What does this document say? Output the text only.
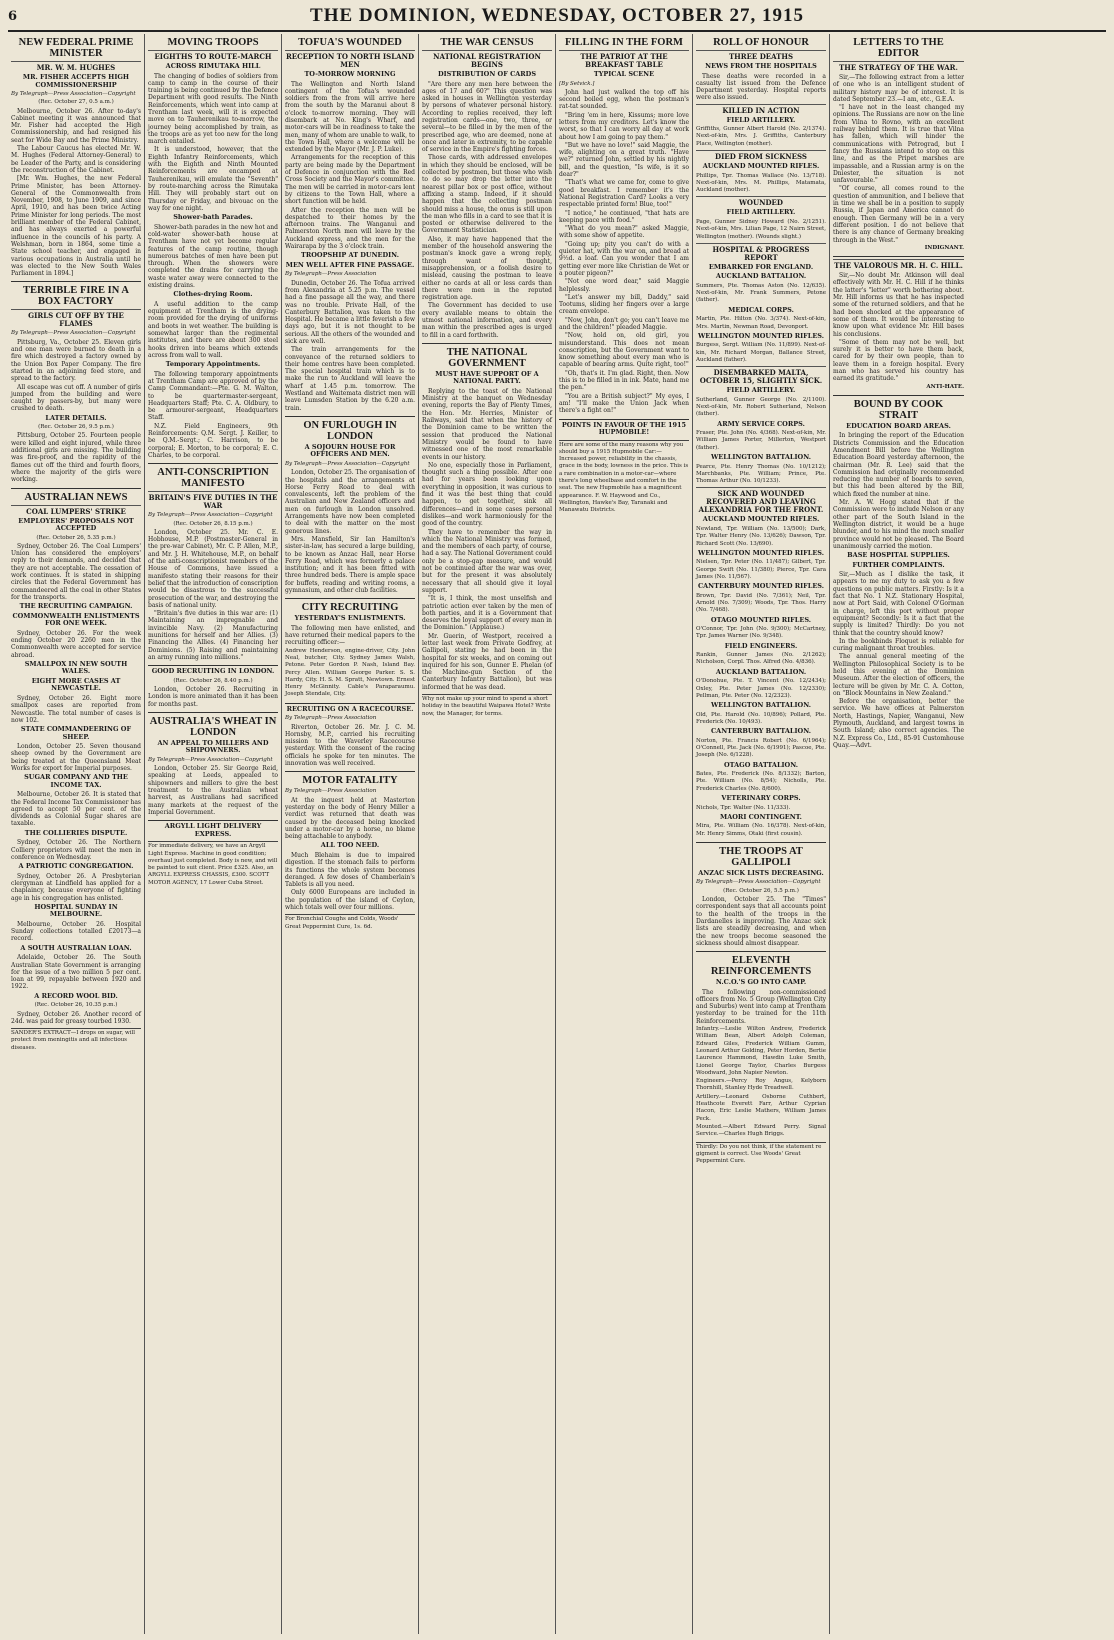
6	THE DOMINION, WEDNESDAY, OCTOBER 27, 1915
NEW FEDERAL PRIME MINISTER
MR. W. M. HUGHES
MR. FISHER ACCEPTS HIGH COMMISSIONERSHIP
By Telegraph—Press Association—Copyright
(Rec. October 27, 0.5 a.m.)

Melbourne, October 26. After to-day's Cabinet meeting it was announced that Mr. Fisher had accepted the High Commissionership, and had resigned his seat for Wide Bay and the Prime Ministry.

The Labour Caucus has elected Mr. W. M. Hughes (Federal Attorney-General) to be Leader of the Party, and is considering the reconstruction of the Cabinet.

[Mr. Wm. Hughes, the new Federal Prime Minister, has been Attorney-General of the Commonwealth from November, 1908, to June 1909, and since April, 1910, and has been twice Acting Prime Minister for long periods. The most brilliant member of the Federal Cabinet, and has always exerted a powerful influence in the councils of his party. A Welshman, born in 1864, some time a State school teacher, and engaged in various occupations in Australia until he was elected to the New South Wales Parliament in 1894.]

TERRIBLE FIRE IN A BOX FACTORY
GIRLS CUT OFF BY THE FLAMES
By Telegraph—Press Association—Copyright

Pittsburg, Va., October 25. Eleven girls and one man were burned to death in a fire which destroyed a factory owned by the Union Box Paper Company. The fire started in an adjoining feed store, and spread to the factory.

All escape was cut off. A number of girls jumped from the building and were caught by passers-by, but many were crushed to death.

LATER DETAILS.
(Rec. October 26, 9.5 p.m.)

Pittsburg, October 25. Fourteen people were killed and eight injured, while three additional girls are missing. The building was fire-proof, and the rapidity of the flames cut off the third and fourth floors, where the majority of the girls were working.

AUSTRALIAN NEWS
COAL LUMPERS' STRIKE
EMPLOYERS' PROPOSALS NOT ACCEPTED
(Rec. October 26, 5.35 p.m.)

Sydney, October 26. The Coal Lumpers' Union has considered the employers' reply to their demands, and decided that they are not acceptable. The cessation of work continues. It is stated in shipping circles that the Federal Government has commandeered all the coal in other States for the transports.

THE RECRUITING CAMPAIGN.
COMMONWEALTH ENLISTMENTS FOR ONE WEEK.

Sydney, October 26. For the week ending October 20 2260 men in the Commonwealth were accepted for service abroad.

SMALLPOX IN NEW SOUTH WALES.
EIGHT MORE CASES AT NEWCASTLE.

Sydney, October 26. Eight more smallpox cases are reported from Newcastle. The total number of cases is now 102.

STATE COMMANDEERING OF SHEEP.

London, October 25. Seven thousand sheep owned by the Government are being treated at the Queensland Meat Works for export for Imperial purposes.

SUGAR COMPANY AND THE INCOME TAX.

Melbourne, October 26. It is stated that the Federal Income Tax Commissioner has agreed to accept 50 per cent. of the dividends as Colonial Sugar shares are taxable.

THE COLLIERIES DISPUTE.

Sydney, October 26. The Northern Colliery proprietors will meet the men in conference on Wednesday.

A PATRIOTIC CONGREGATION.

Sydney, October 26. A Presbyterian clergyman at Lindfield has applied for a chaplaincy, because everyone of fighting age in his congregation has enlisted.

HOSPITAL SUNDAY IN MELBOURNE.

Melbourne, October 26. Hospital Sunday collections totalled £20173—a record.

A SOUTH AUSTRALIAN LOAN.

Adelaide, October 26. The South Australian State Government is arranging for the issue of a two million 5 per cent. loan at 99, repayable between 1920 and 1922.

A RECORD WOOL BID.
(Rec. October 26, 10.35 p.m.)

Sydney, October 26. Another record of 24d. was paid for greasy tourbed 1930.

SANDER'S EXTRACT—I drops on sugar, will protect from meningitis and all infectious diseases.
MOVING TROOPS
EIGHTHS TO ROUTE-MARCH
ACROSS RIMUTAKA HILL

The changing of bodies of soldiers from camp to camp in the course of their training is being continued by the Defence Department with good results. The Ninth Reinforcements, which went into camp at Trentham last week, will it is expected move on to Tauherenikau to-morrow, the journey being accomplished by train, as the troops are as yet too new for the long march entailed.

It is understood, however, that the Eighth Infantry Reinforcements, which with the Eighth and Ninth Mounted Reinforcements are encamped at Tauherenikau, will emulate the "Seventh" by route-marching across the Rimutaka Hill. They will probably start out on Thursday or Friday, and bivouac on the way for one night.

Shower-bath Parades.

Shower-bath parades in the new hot and cold-water shower-bath house at Trentham have not yet become regular features of the camp routine, though numerous batches of men have been put through. When the showers were completed the drains for carrying the waste water away were connected to the existing drains.

Clothes-drying Room.

A useful addition to the camp equipment at Trentham is the drying-room provided for the drying of uniforms and boots in wet weather. The building is somewhat larger than the regimental institutes, and there are about 300 steel hooks driven into beams which extends across from wall to wall.

Temporary Appointments.

The following temporary appointments at Trentham Camp are approved of by the Camp Commandant:—Pte. G. M. Walton, to be quartermaster-sergeant, Headquarters Staff; Pte. C. A. Oldbury, to be armourer-sergeant, Headquarters Staff.

N.Z. Field Engineers, 9th Reinforcements: Q.M. Sergt. J. Keiller, to be Q.M.-Sergt.; C. Harrison, to be corporal; E. Morton, to be corporal; E. C. Charles, to be corporal.

ANTI-CONSCRIPTION MANIFESTO
BRITAIN'S FIVE DUTIES IN THE WAR
By Telegraph—Press Association—Copyright
(Rec. October 26, 8.15 p.m.)

London, October 25. Mr. C. E. Hobhouse, M.P. (Postmaster-General in the pre-war Cabinet), Mr. C. P. Allen, M.P., and Mr. J. H. Whitehouse, M.P., on behalf of the anti-conscriptionist members of the House of Commons, have issued a manifesto stating their reasons for their belief that the introduction of conscription would be disastrous to the successful prosecution of the war, and destroying the basis of national unity.

"Britain's five duties in this war are: (1) Maintaining an impregnable and invincible Navy. (2) Manufacturing munitions for herself and her Allies. (3) Financing the Allies. (4) Financing her Dominions. (5) Raising and maintaining an army running into millions."

GOOD RECRUITING IN LONDON.
(Rec. October 26, 8.40 p.m.)

London, October 26. Recruiting in London is more animated than it has been for months past.

AUSTRALIA'S WHEAT IN LONDON
AN APPEAL TO MILLERS AND SHIPOWNERS.
By Telegraph—Press Association—Copyright

London, October 25. Sir George Reid, speaking at Leeds, appealed to shipowners and millers to give the best treatment to the Australian wheat harvest, as Australians had sacrificed many markets at the request of the Imperial Government.

ARGYLL LIGHT DELIVERY EXPRESS.
For immediate delivery, we have an Argyll Light Express. Machine in good condition; overhaul just completed. Body is new, and will be painted to suit client. Price £325. Also, an ARGYLL EXPRESS CHASSIS, £300. SCOTT MOTOR AGENCY, 17 Lower Cuba Street.
TOFUA'S WOUNDED
RECEPTION TO NORTH ISLAND MEN
TO-MORROW MORNING

The Wellington and North Island contingent of the Tofua's wounded soldiers from the from will arrive here from the south by the Maranui about 8 o'clock to-morrow morning. They will disembark at No. King's Wharf, and motor-cars will be in readiness to take the men, many of whom are unable to walk, to the Town Hall, where a welcome will be extended by the Mayor (Mr. J. P. Luke).

Arrangements for the reception of this party are being made by the Department of Defence in conjunction with the Red Cross Society and the Mayor's committee. The men will be carried in motor-cars lent by citizens to the Town Hall, where a short function will be held.

After the reception the men will be despatched to their homes by the afternoon trains. The Wanganui and Palmerston North men will leave by the Auckland express, and the men for the Wairarapa by the 3 o'clock train.

TROOPSHIP AT DUNEDIN.
MEN WELL AFTER FINE PASSAGE.
By Telegraph—Press Association

Dunedin, October 26. The Tofua arrived from Alexandria at 5.25 p.m. The vessel had a fine passage all the way, and there was no trouble. Private Hall, of the Canterbury Battalion, was taken to the Hospital. He became a little feverish a few days ago, but it is not thought to be serious. All the others of the wounded and sick are well.

The train arrangements for the conveyance of the returned soldiers to their home centres have been completed. The special hospital train which is to make the run to Auckland will leave the wharf at 1.45 p.m. tomorrow. The Westland and Waitemata district men will leave Lumsden Station by the 6.20 a.m. train.

ON FURLOUGH IN LONDON
A SOJOURN HOUSE FOR OFFICERS AND MEN.
By Telegraph—Press Association—Copyright

London, October 25. The organisation of the hospitals and the arrangements at Horse Ferry Road to deal with convalescents, left the problem of the Australian and New Zealand officers and men on furlough in London unsolved. Arrangements have now been completed to deal with the matter on the most generous lines.

Mrs. Mansfield, Sir Ian Hamilton's sister-in-law, has secured a large building, to be known as Anzac Hall, near Horse Ferry Road, which was formerly a palace institution; and it has been fitted with three hundred beds. There is ample space for buffets, reading and writing rooms, a gymnasium, and other club facilities.

CITY RECRUITING
YESTERDAY'S ENLISTMENTS.

The following men have enlisted, and have returned their medical papers to the recruiting officer:—

Andrew Henderson, engine-driver, City. John Neal, butcher, City. Sydney James Walsh, Petone. Peter Gordon P. Nash, Island Bay. Percy Allen. William George Parker. S. S. Hardy, City. H. S. M. Spratt, Newtown. Ernest Henry McGinnity. Cable's Paraparaumu. Joseph Stendale, City.

RECRUITING ON A RACECOURSE.
By Telegraph—Press Association

Riverton, October 26. Mr. J. C. M. Hornsby, M.P., carried his recruiting mission to the Waverley Racecourse yesterday. With the consent of the racing officials he spoke for ten minutes. The innovation was well received.

MOTOR FATALITY
By Telegraph—Press Association

At the inquest held at Masterton yesterday on the body of Henry Miller a verdict was returned that death was caused by the deceased being knocked under a motor-car by a horse, no blame being attachable to anybody.

ALL TOO NEED.

Much Blehaim is due to impaired digestion. If the stomach fails to perform its functions the whole system becomes deranged. A few doses of Chamberlain's Tablets is all you need.

Only 6000 Europeans are included in the population of the island of Ceylon, which totals well over four millions.

For Bronchial Coughs and Colds, Woods' Great Peppermint Cure, 1s. 6d.
THE WAR CENSUS
NATIONAL REGISTRATION BEGINS
DISTRIBUTION OF CARDS

"Are there any men here between the ages of 17 and 60?" This question was asked in houses in Wellington yesterday by persons of whatever personal history. According to replies received, they left registration cards—one, two, three, or several—to be filled in by the men of the prescribed age, who are deemed, none at once and later in extremity, to be capable of service in the Empire's fighting forces.

Those cards, with addressed envelopes in which they should be enclosed, will be collected by postmen, but those who wish to do so may drop the letter into the nearest pillar box or post office, without affixing a stamp. Indeed, if it should happen that the collecting postman should miss a house, the onus is still upon the man who fills in a card to see that it is posted or otherwise delivered to the Government Statistician.

Also, it may have happened that the member of the household answering the postman's knock gave a wrong reply, through want of thought, misapprehension, or a foolish desire to mislead, causing the postman to leave either no cards at all or less cards than there were men in the reputed registration age.

The Government has decided to use every available means to obtain the utmost national information, and every man within the prescribed ages is urged to fill in a card forthwith.

THE NATIONAL GOVERNMENT
MUST HAVE SUPPORT OF A NATIONAL PARTY.

Replying to the toast of the National Ministry at the banquet on Wednesday evening, reports the Bay of Plenty Times, the Hon. Mr. Herries, Minister of Railways, said that when the history of the Dominion came to be written the session that produced the National Ministry would be found to have witnessed one of the most remarkable events in our history.

No one, especially those in Parliament, thought such a thing possible. After one had for years been looking upon everything in opposition, it was curious to find it was the best thing that could happen, to get together, sink all differences—and in some cases personal dislikes—and work harmoniously for the good of the country.

They have to remember the way in which the National Ministry was formed, and the members of each party, of course, had a say. The National Government could only be a stop-gap measure, and would not be continued after the war was over, but for the present it was absolutely necessary that all should give it loyal support.

"It is, I think, the most unselfish and patriotic action ever taken by the men of both parties, and it is a Government that deserves the loyal support of every man in the Dominion." (Applause.)

Mr. Guerin, of Westport, received a letter last week from Private Godfrey, at Gallipoli, stating he had been in the hospital for six weeks, and on coming out inquired for his son, Gunner E. Phelan (of the Machine-gun Section of the Canterbury Infantry Battalion), but was informed that he was dead.

Why not make up your mind to spend a short holiday in the beautiful Waipawa Hotel? Write now, the Manager, for terms.
FILLING IN THE FORM
THE PATRIOT AT THE BREAKFAST TABLE
TYPICAL SCENE
[By Setvick.]

John had just walked the top off his second boiled egg, when the postman's rat-tat sounded.

"Bring 'em in here, Kissums; more love letters from my creditors. Let's know the worst, so that I can worry all day at work about how I am going to pay them."

"But we have no love!" said Maggie, the wife, alighting on a great truth. "Have we?" returned John, settled by his nightly bill, and the question, "Is wife, is it so dear?"

"That's what we came for, come to give good breakfast. I remember it's the National Registration Card? Looks a very respectable printed form! Blue, too!"

"I notice," he continued, "that hats are keeping pace with food."

"What do you mean?" asked Maggie, with some show of appetite.

"Going up; pity you can't do with a quieter hat, with the war on, and bread at 9½d. a loaf. Can you wonder that I am getting ever more like Christian de Wet or a pouter pigeon?"

"Not one word dear," said Maggie helplessly.

"Let's answer my bill, Daddy," said Tootums, sliding her fingers over a large cream envelope.

"Now, John, don't go; you can't leave me and the children!" pleaded Maggie.

"Now, hold on, old girl, you misunderstand. This does not mean conscription, but the Government want to know something about every man who is capable of bearing arms. Quite right, too!"

"Oh, that's it. I'm glad. Right, then. Now this is to be filled in in ink. Mate, hand me the pen."

"You are a British subject?" My eyes, I am! "I'll make the Union Jack when there's a fight on!"

POINTS IN FAVOUR OF THE 1915 HUPMOBILE!
Here are some of the many reasons why you should buy a 1915 Hupmobile Car:—Increased power, reliability in the chassis, grace in the body, lowness in the price. This is a rare combination in a motor-car—where there's long wheelbase and comfort in the seat. The new Hupmobile has a magnificent appearance. F. W. Haywood and Co., Wellington, Hawke's Bay, Taranaki and Manawatu Districts.
ROLL OF HONOUR
THREE DEATHS
NEWS FROM THE HOSPITALS

These deaths were recorded in a casualty list issued from the Defence Department yesterday. Hospital reports were also issued.

KILLED IN ACTION
FIELD ARTILLERY.

Griffiths, Gunner Albert Harold (No. 2/1374). Next-of-kin, Mrs. J. Griffiths, Canterbury Place, Wellington (mother).

DIED FROM SICKNESS
AUCKLAND MOUNTED RIFLES.

Phillips, Tpr. Thomas Wallace (No. 13/718). Next-of-kin, Mrs. M. Phillips, Matamata, Auckland (mother).

WOUNDED
FIELD ARTILLERY.

Page, Gunner Sidney Howard (No. 2/1251). Next-of-kin, Mrs. Lilian Page, 12 Nairn Street, Wellington (mother). (Wounds slight.)

HOSPITAL & PROGRESS REPORT
EMBARKED FOR ENGLAND.
AUCKLAND BATTALION.

Summers, Pte. Thomas Aston (No. 12/635). Next-of-kin, Mr. Frank Summers, Petone (father).

MEDICAL CORPS.

Martin, Pte. Hilton (No. 3/374). Next-of-kin, Mrs. Martin, Newman Road, Devonport.

WELLINGTON MOUNTED RIFLES.

Burgess, Sergt. William (No. 11/899). Next-of-kin, Mr. Richard Morgan, Ballance Street, Auckland (father).

DISEMBARKED MALTA, OCTOBER 15, SLIGHTLY SICK.
FIELD ARTILLERY.

Sutherland, Gunner George (No. 2/1100). Next-of-kin, Mr. Robert Sutherland, Nelson (father).

ARMY SERVICE CORPS.

Fraser, Pte. John (No. 4/368). Next-of-kin, Mr. William James Porter, Millerton, Westport (father).

WELLINGTON BATTALION.

Pearce, Pte. Henry Thomas (No. 10/1212); Marchbanks, Pte. William; Prince, Pte. Thomas Arthur (No. 10/1233).

SICK AND WOUNDED RECOVERED AND LEAVING ALEXANDRIA FOR THE FRONT.
AUCKLAND MOUNTED RIFLES.

Newland, Tpr. William (No. 13/500); Dark, Tpr. Walter Henry (No. 13/626); Dawson, Tpr. Richard Scott (No. 13/690).

WELLINGTON MOUNTED RIFLES.

Nielsen, Tpr. Peter (No. 11/487); Gilbert, Tpr. George Swift (No. 11/380); Pierce, Tpr. Cara James (No. 11/567).

CANTERBURY MOUNTED RIFLES.

Brown, Tpr. David (No. 7/361); Neil, Tpr. Arnold (No. 7/309); Woods, Tpr. Thos. Harry (No. 7/468).

OTAGO MOUNTED RIFLES.

O'Connor, Tpr. John (No. 9/300); McCartney, Tpr. James Warner (No. 9/348).

FIELD ENGINEERS.

Rankin, Gunner James (No. 2/1262); Nicholson, Corpl. Thos. Alfred (No. 4/836).

AUCKLAND BATTALION.

O'Donohue, Pte. T. Vincent (No. 12/2434); Oxley, Pte. Peter James (No. 12/2330); Pellman, Pte. Peter (No. 12/2323).

WELLINGTON BATTALION.

Old, Pte. Harold (No. 10/896); Pollard, Pte. Frederick (No. 10/493).

CANTERBURY BATTALION.

Norton, Pte. Francis Robert (No. 6/1964); O'Connell, Pte. Jack (No. 6/1991); Pascoe, Pte. Joseph (No. 6/1228).

OTAGO BATTALION.

Bates, Pte. Frederick (No. 8/1332); Barton, Pte. William (No. 8/54); Nicholls, Pte. Frederick Charles (No. 8/600).

VETERINARY CORPS.

Nichols, Tpr. Walter (No. 11/333).

MAORI CONTINGENT.

Mira, Pte. William (No. 16/378). Next-of-kin, Mr. Henry Simms, Otaki (first cousin).

THE TROOPS AT GALLIPOLI
ANZAC SICK LISTS DECREASING.
By Telegraph—Press Association—Copyright
(Rec. October 26, 5.5 p.m.)

London, October 25. The "Times" correspondent says that all accounts point to the health of the troops in the Dardanelles is improving. The Anzac sick lists are steadily decreasing, and when the new troops become seasoned the sickness should almost disappear.

ELEVENTH REINFORCEMENTS
N.C.O.'S GO INTO CAMP.

The following non-commissioned officers from No. 5 Group (Wellington City and Suburbs) went into camp at Trentham yesterday to be trained for the 11th Reinforcements.

Infantry.—Leslie Wilton Andrew, Frederick William Bean, Albert Adolph Coleman, Edward Giles, Frederick William Gumm, Leonard Arthur Golding, Peter Horden, Bertie Laurence Hammond, Hawdin Luke Smith, Lionel George Taylor, Charles Burgess Woodward, John Napier Newton.

Engineers.—Percy Roy Angus, Kelyborn Thornhill, Stanley Hyde Treadwell.

Artillery.—Leonard Osborne Cuthbert, Heathcote Everett Farr, Arthur Cyprian Hacon, Eric Leslie Mathers, William James Peck.

Mounted.—Albert Edward Perry. Signal Service.—Charles Hugh Briggs.

Thirdly: Do you not think, if the statement re gigment is correct. Use Woods' Great Peppermint Cure.
LETTERS TO THE EDITOR
THE STRATEGY OF THE WAR.

Sir,—The following extract from a letter of one who is an intelligent student of military history may be of interest. It is dated September 23.—I am, etc., G.E.A.

"I have not in the least changed my opinions. The Russians are now on the line from Vilna to Rovno, with an excellent railway behind them. It is true that Vilna has fallen, which will hinder the communications with Petrograd, but I fancy the Russians intend to stop on this line, and as the Pripet marshes are impassable, and a Russian army is on the Dniester, the situation is not unfavourable."

"Of course, all comes round to the question of ammunition, and I believe that in time we shall be in a position to supply Russia, if Japan and America cannot do enough. Then Germany will be in a very different position. I do not believe that there is any chance of Germany breaking through in the West."

INDIGNANT.
THE VALOROUS MR. H. C. HILL.

Sir,—No doubt Mr. Atkinson will deal effectively with Mr. H. C. Hill if he thinks the latter's "letter" worth bothering about. Mr. Hill informs us that he has inspected some of the returned soldiers, and that he had been shocked at the appearance of some of them. It would be interesting to know upon what evidence Mr. Hill bases his conclusions.

"Some of them may not be well, but surely it is better to have them back, cared for by their own people, than to leave them in a foreign hospital. Every man who has served his country has earned its gratitude."

ANTI-HATE.
BOUND BY COOK STRAIT
EDUCATION BOARD AREAS.

In bringing the report of the Education Districts Commission and the Education Amendment Bill before the Wellington Education Board yesterday afternoon, the chairman (Mr. R. Lee) said that the Commission had originally recommended reducing the number of boards to seven, but this had been altered by the Bill, which fixed the number at nine.

Mr. A. W. Hogg stated that if the Commission were to include Nelson or any other part of the South Island in the Wellington district, it would be a huge blunder, and to his mind the much smaller province would not be pleased. The Board unanimously carried the motion.

BASE HOSPITAL SUPPLIES.
FURTHER COMPLAINTS.

Sir,—Much as I dislike the task, it appears to me my duty to ask you a few questions on public matters. Firstly: Is it a fact that No. 1 N.Z. Stationary Hospital, now at Port Said, with Colonel O'Gorman in charge, left this port without proper equipment? Secondly: Is it a fact that the supply is limited? Thirdly: Do you not think that the country should know?

In the bookbinds Floquet is reliable for curing malignant throat troubles.

The annual general meeting of the Wellington Philosophical Society is to be held this evening at the Dominion Museum. After the election of officers, the lecture will be given by Mr. C. A. Cotton, on "Block Mountains in New Zealand."

Before the organisation, better the service. We have offices at Palmerston North, Hastings, Napier, Wanganui, New Plymouth, Auckland, and largest towns in South Island; also correct agencies. The N.Z. Express Co., Ltd., 85-91 Customhouse Quay.—Advt.
